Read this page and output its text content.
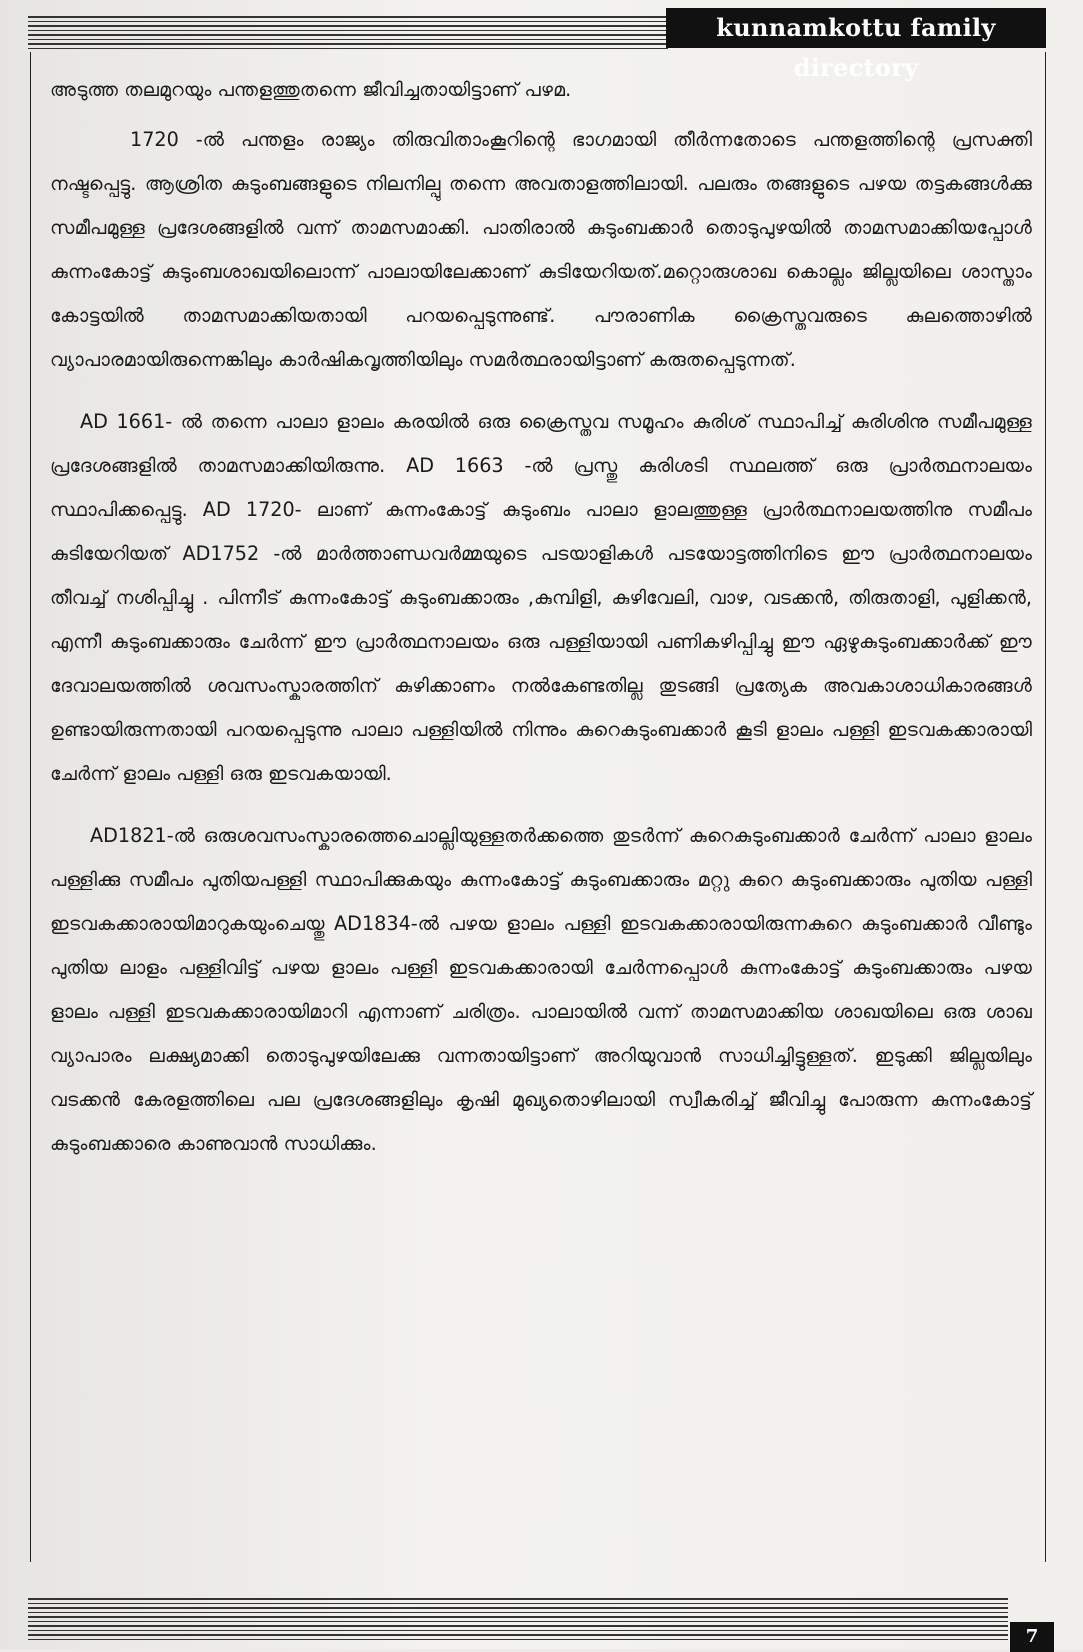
kunnamkottu family directory

അടുത്ത തലമുറയും പന്തളത്തുതന്നെ ജീവിച്ചതായിട്ടാണ് പഴമ.

1720 -ൽ പന്തളം രാജ്യം തിരുവിതാംകൂറിന്റെ ഭാഗമായി തീർന്നതോടെ പന്തളത്തിന്റെ പ്രസക്തി നഷ്ടപ്പെട്ടു. ആശ്രിത കുടുംബങ്ങളുടെ നിലനില്പു തന്നെ അവതാളത്തിലായി. പലരും തങ്ങളുടെ പഴയ തട്ടകങ്ങൾക്കു സമീപമുള്ള പ്രദേശങ്ങളിൽ വന്ന് താമസമാക്കി. പാതിരാൽ കുടുംബക്കാർ തൊടുപുഴയിൽ താമസമാക്കിയപ്പോൾ കുന്നംകോട്ട് കുടുംബശാഖയിലൊന്ന് പാലായിലേക്കാണ് കുടിയേറിയത്.മറ്റൊരുശാഖ കൊല്ലം ജില്ലയിലെ ശാസ്താം കോട്ടയിൽ താമസമാക്കിയതായി പറയപ്പെടുന്നുണ്ട്. പൗരാണിക ക്രൈസ്തവരുടെ കുലത്തൊഴിൽ വ്യാപാരമായിരുന്നെങ്കിലും കാർഷികവൃത്തിയിലും സമർത്ഥരായിട്ടാണ് കരുതപ്പെടുന്നത്.

AD 1661- ൽ തന്നെ പാലാ ളാലം കരയിൽ ഒരു ക്രൈസ്തവ സമൂഹം കുരിശ് സ്ഥാപിച്ച് കുരിശിനു സമീപമുള്ള പ്രദേശങ്ങളിൽ താമസമാക്കിയിരുന്നു. AD 1663 -ൽ പ്രസ്തു കുരിശടി സ്ഥലത്ത് ഒരു പ്രാർത്ഥനാലയം സ്ഥാപിക്കപ്പെട്ടു. AD 1720- ലാണ് കുന്നംകോട്ട് കുടുംബം പാലാ ളാലത്തുള്ള പ്രാർത്ഥനാലയത്തിനു സമീപം കുടിയേറിയത് AD1752 -ൽ മാർത്താണ്ഡവർമ്മയുടെ പടയാളികൾ പടയോട്ടത്തിനിടെ ഈ പ്രാർത്ഥനാലയം തീവച്ച് നശിപ്പിച്ചു . പിന്നീട് കുന്നംകോട്ട് കുടുംബക്കാരും ,കുമ്പിളി, കുഴിവേലി, വാഴ, വടക്കൻ, തിരുതാളി, പുളിക്കൻ, എന്നീ കുടുംബക്കാരും ചേർന്ന് ഈ പ്രാർത്ഥനാലയം ഒരു പള്ളിയായി പണികഴിപ്പിച്ചു ഈ ഏഴുകുടുംബക്കാർക്ക് ഈ ദേവാലയത്തിൽ ശവസംസ്കാരത്തിന് കുഴിക്കാണം നൽകേണ്ടതില്ല തുടങ്ങി പ്രത്യേക അവകാശാധികാരങ്ങൾ ഉണ്ടായിരുന്നതായി പറയപ്പെടുന്നു പാലാ പള്ളിയിൽ നിന്നും കുറെകുടുംബക്കാർ കൂടി ളാലം പള്ളി ഇടവകക്കാരായി ചേർന്ന് ളാലം പള്ളി ഒരു ഇടവകയായി.

AD1821-ൽ ഒരുശവസംസ്കാരത്തെചൊല്ലിയുള്ളതർക്കത്തെ തുടർന്ന് കുറെകുടുംബക്കാർ ചേർന്ന് പാലാ ളാലം പള്ളിക്കു സമീപം പുതിയപള്ളി സ്ഥാപിക്കുകയും കുന്നംകോട്ട് കുടുംബക്കാരും മറ്റു കുറെ കുടുംബക്കാരും പുതിയ പള്ളി ഇടവകക്കാരായിമാറുകയുംചെയ്തു AD1834-ൽ പഴയ ളാലം പള്ളി ഇടവകക്കാരായിരുന്നകുറെ കുടുംബക്കാർ വീണ്ടും പുതിയ ലാളം പള്ളിവിട്ട് പഴയ ളാലം പള്ളി ഇടവകക്കാരായി ചേർന്നപ്പൊൾ കുന്നംകോട്ട് കുടുംബക്കാരും പഴയ ളാലം പള്ളി ഇടവകക്കാരായിമാറി എന്നാണ് ചരിത്രം. പാലായിൽ വന്ന് താമസമാക്കിയ ശാഖയിലെ ഒരു ശാഖ വ്യാപാരം ലക്ഷ്യമാക്കി തൊടുപുഴയിലേക്കു വന്നതായിട്ടാണ് അറിയുവാൻ സാധിച്ചിട്ടുള്ളത്. ഇടുക്കി ജില്ലയിലും വടക്കൻ കേരളത്തിലെ പല പ്രദേശങ്ങളിലും കൃഷി മുഖ്യതൊഴിലായി സ്വീകരിച്ച് ജീവിച്ചു പോരുന്ന കുന്നംകോട്ട് കുടുംബക്കാരെ കാണുവാൻ സാധിക്കും.

7
